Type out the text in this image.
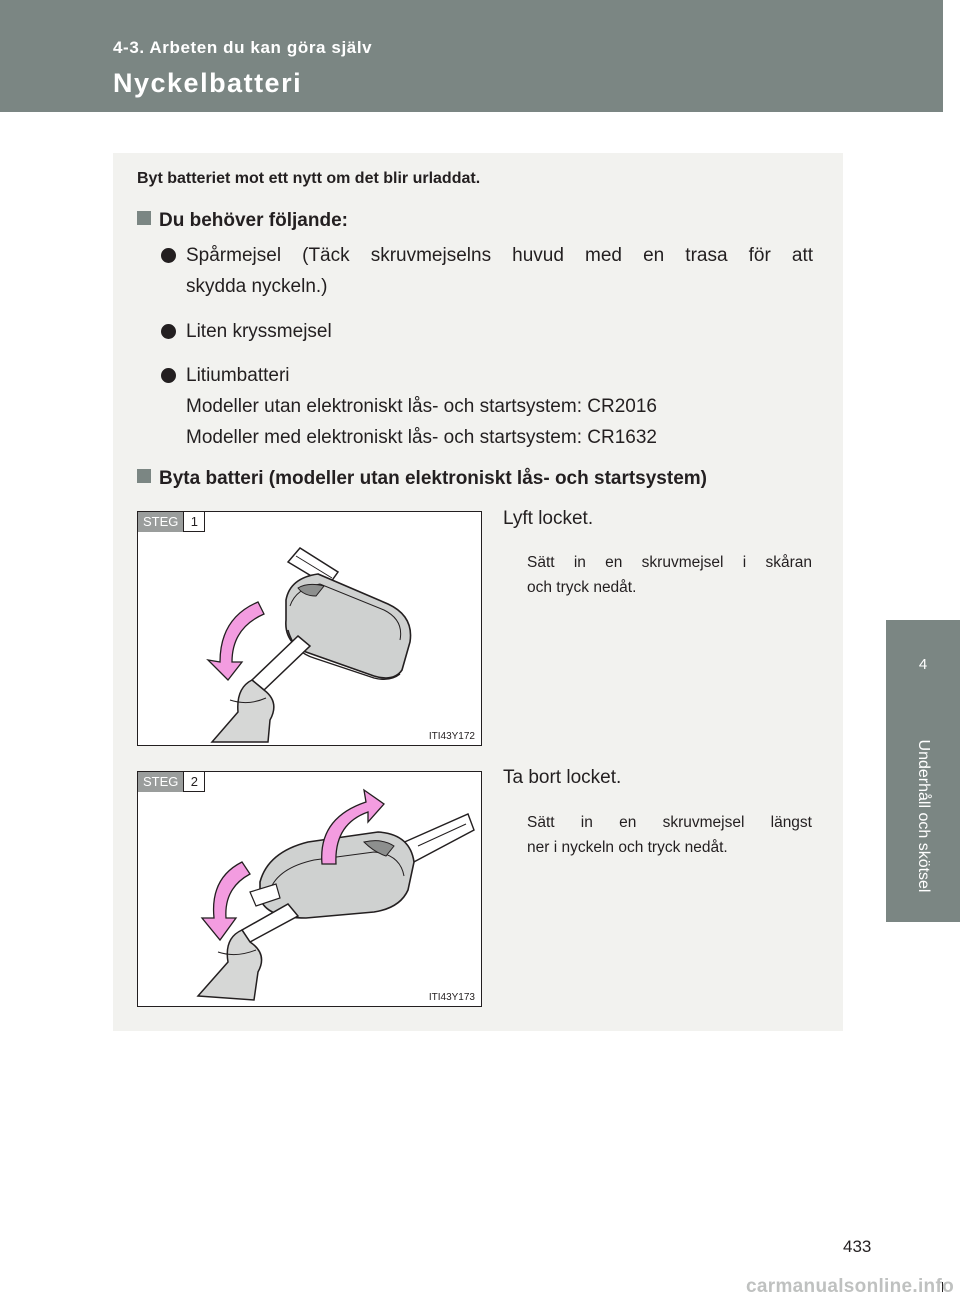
4-3. Arbeten du kan göra själv
Nyckelbatteri
4
Underhåll och skötsel
Byt batteriet mot ett nytt om det blir urladdat.
Du behöver följande:
Spårmejsel (Täck skruvmejselns huvud med en trasa för att
skydda nyckeln.)
Liten kryssmejsel
Litiumbatteri
Modeller utan elektroniskt lås- och startsystem: CR2016
Modeller med elektroniskt lås- och startsystem: CR1632
Byta batteri (modeller utan elektroniskt lås- och startsystem)
STEG 1
ITI43Y172
Lyft locket.
Sätt in en skruvmejsel i skåran
och tryck nedåt.
STEG 2
ITI43Y173
Ta bort locket.
Sätt in en skruvmejsel längst
ner i nyckeln och tryck nedåt.
433
carmanualsonline.info
